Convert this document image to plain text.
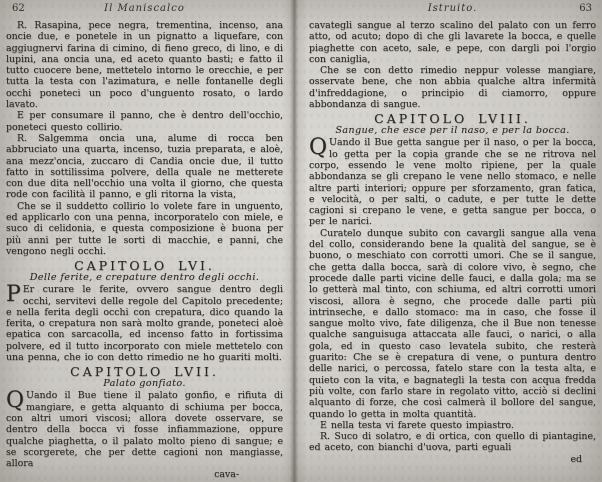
62	Il Maniscalco

R. Rasapina, pece negra, trementina, incenso, ana oncie due, e ponetele in un pignatto a liquefare, con aggiugnervi farina di cimino, di fieno greco, di lino, e di lupini, ana oncia una, ed aceto quanto basti; e fatto il tutto cuocere bene, mettetelo intorno le orecchie, e per tutta la testa con l'azimatura, e nelle fontanelle degli occhi poneteci un poco d'unguento rosato, o lardo lavato.

E per consumare il panno, che è dentro dell'occhio, poneteci questo collirio.

R. Salgemma oncia una, alume di rocca ben abbruciato una quarta, incenso, tuzia preparata, e aloè, ana mezz'oncia, zuccaro di Candia oncie due, il tutto fatto in sottilissima polvere, della quale ne metterete con due dita nell'occhio una volta il giorno, che questa rode con facilità il panno, e gli ritorna la vista,

Che se il suddetto collirio lo volete fare in unguento, ed applicarlo con una penna, incorporatelo con miele, e suco di celidonia, e questa composizione è buona per più anni per tutte le sorti di macchie, e panni, che vengono negli occhi.

CAPITOLO LVI.
Delle ferite, e crepature dentro degli occhi.

P Er curare le ferite, ovvero sangue dentro degli occhi, servitevi delle regole del Capitolo precedente; e nella ferita degli occhi con crepatura, dico quando la ferita, o crepatura non sarà molto grande, poneteci aloè epatica con sarcacolla, ed incenso fatto in fortissima polvere, ed il tutto incorporato con miele mettetelo con una penna, che io con detto rimedio ne ho guariti molti.

CAPITOLO LVII.
Palato gonfiato.

Q Uando il Bue tiene il palato gonfio, e rifiuta di mangiare, e getta alquanto di schiuma per bocca, con altri umori viscosi; allora dovete osservare, se dentro della bocca vi fosse infiammazione, oppure qualche piaghetta, o il palato molto pieno di sangue; e se scorgerete, che per dette cagioni non mangiasse, allora

cava-
Istruito.	63

cavategli sangue al terzo scalino del palato con un ferro atto, od acuto; dopo di che gli lavarete la bocca, e quelle piaghette con aceto, sale, e pepe, con dargli poi l'orgio con caniglia,

Che se con detto rimedio neppur volesse mangiare, osservate bene, che non abbia qualche altra infermità d'infreddagione, o principio di ciamorro, oppure abbondanza di sangue.

CAPITOLO LVIII.
Sangue, che esce per il naso, e per la bocca.

Q Uando il Bue getta sangue per il naso, o per la bocca, lo getta per la copia grande che se ne ritrova nel corpo, essendo le vene molto ripiene, per la quale abbondanza se gli crepano le vene nello stomaco, e nelle altre parti interiori; oppure per sforzamento, gran fatica, e velocità, o per salti, o cadute, e per tutte le dette cagioni si crepano le vene, e getta sangue per bocca, o per le narici.

Curatelo dunque subito con cavargli sangue alla vena del collo, considerando bene la qualità del sangue, se è buono, o meschiato con corrotti umori. Che se il sangue, che getta dalla bocca, sarà di colore vivo, è segno, che procede dalle parti vicine delle fauci, e dalla gola; ma se lo getterà mal tinto, con schiuma, ed altri corrotti umori viscosi, allora è segno, che procede dalle parti più intrinseche, e dallo stomaco: ma in caso, che fosse il sangue molto vivo, fate diligenza, che il Bue non tenesse qualche sanguisuga attaccata alle fauci, o narici, o alla gola, ed in questo caso levatela subito, che resterà guarito: Che se è crepatura di vene, o puntura dentro delle narici, o percossa, fatelo stare con la testa alta, e quieto con la vita, e bagnategli la testa con acqua fredda più volte, con farlo stare in regolato vitto, acciò si declini alquanto di forze, che così calmerà il bollore del sangue, quando lo getta in molta quantità.

E nella testa vi farete questo impiastro.

R. Suco di solatro, e di ortica, con quello di piantagine, ed aceto, con bianchi d'uova, parti eguali

ed
